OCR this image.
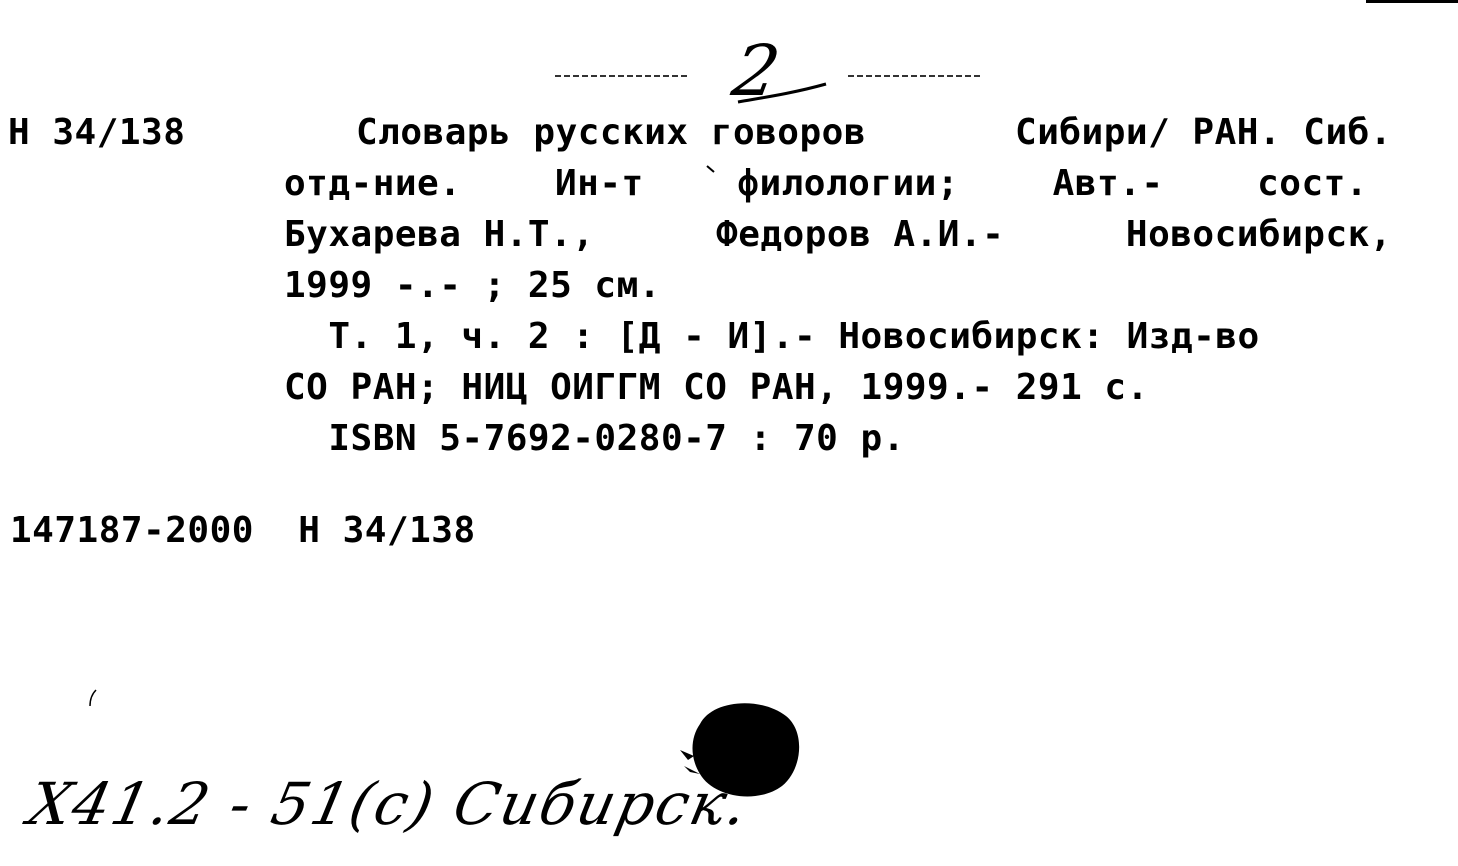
2
Н 34/138	Словарь русских говоров	Сибири/ РАН. Сиб.
отд-ние.	Ин-т	филологии;	Авт.-	сост.
Бухарева Н.Т.,	Федоров А.И.-	Новосибирск,
1999 -.- ; 25 см.
Т. 1, ч. 2 : [Д - И].- Новосибирск: Изд-во
СО РАН; НИЦ ОИГГМ СО РАН, 1999.- 291 с.
ISBN 5-7692-0280-7 : 70 р.
147187-2000  Н 34/138
Х41.2 - 51(с) Сибирск.
